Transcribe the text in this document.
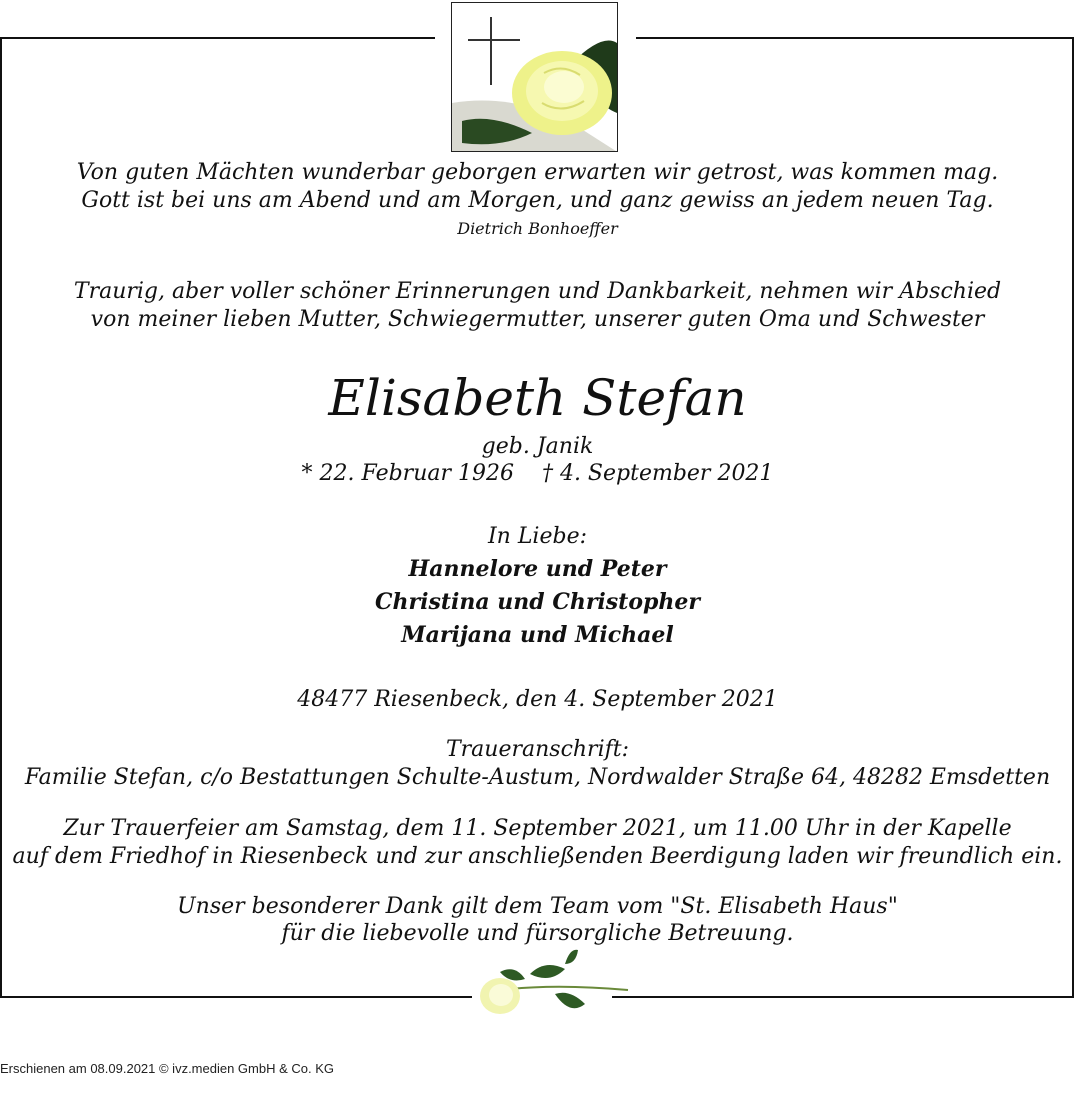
Von guten Mächten wunderbar geborgen erwarten wir getrost, was kommen mag.
Gott ist bei uns am Abend und am Morgen, und ganz gewiss an jedem neuen Tag.
Dietrich Bonhoeffer
Traurig, aber voller schöner Erinnerungen und Dankbarkeit, nehmen wir Abschied
von meiner lieben Mutter, Schwiegermutter, unserer guten Oma und Schwester
Elisabeth Stefan
geb. Janik
* 22. Februar 1926    † 4. September 2021
In Liebe:
Hannelore und Peter
Christina und Christopher
Marijana und Michael
48477 Riesenbeck, den 4. September 2021
Traueranschrift:
Familie Stefan, c/o Bestattungen Schulte-Austum, Nordwalder Straße 64, 48282 Emsdetten
Zur Trauerfeier am Samstag, dem 11. September 2021, um 11.00 Uhr in der Kapelle
auf dem Friedhof in Riesenbeck und zur anschließenden Beerdigung laden wir freundlich ein.
Unser besonderer Dank gilt dem Team vom "St. Elisabeth Haus"
für die liebevolle und fürsorgliche Betreuung.
Erschienen am 08.09.2021 © ivz.medien GmbH & Co. KG
